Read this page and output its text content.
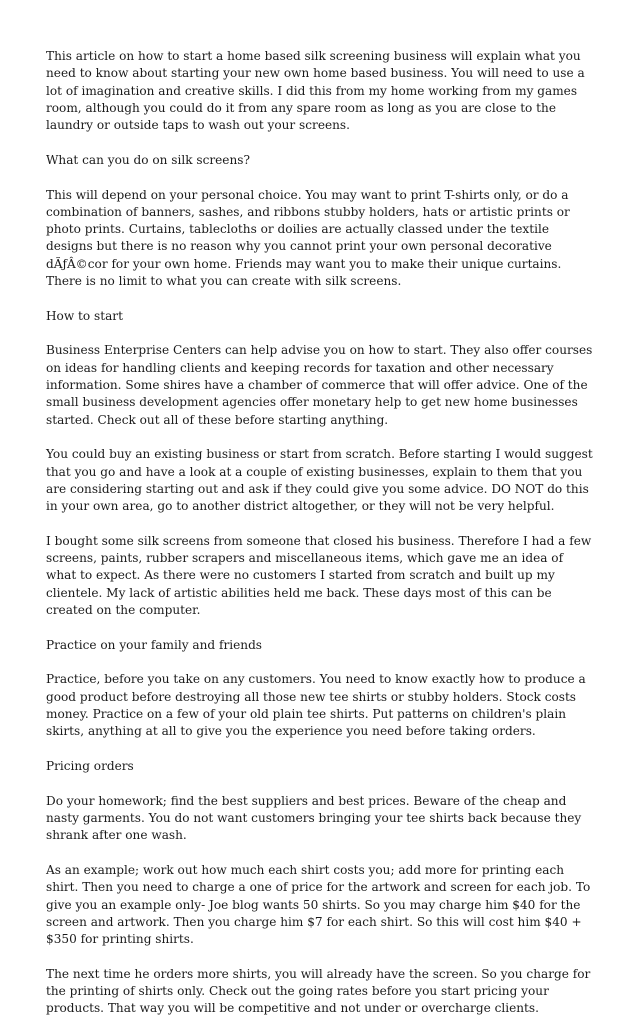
This article on how to start a home based silk screening business will explain what you need to know about starting your new own home based business. You will need to use a lot of imagination and creative skills. I did this from my home working from my games room, although you could do it from any spare room as long as you are close to the laundry or outside taps to wash out your screens.

What can you do on silk screens?

This will depend on your personal choice. You may want to print T-shirts only, or do a combination of banners, sashes, and ribbons stubby holders, hats or artistic prints or photo prints. Curtains, tablecloths or doilies are actually classed under the textile designs but there is no reason why you cannot print your own personal decorative dÃƒÂ©cor for your own home. Friends may want you to make their unique curtains. There is no limit to what you can create with silk screens.

How to start

Business Enterprise Centers can help advise you on how to start. They also offer courses on ideas for handling clients and keeping records for taxation and other necessary information. Some shires have a chamber of commerce that will offer advice. One of the small business development agencies offer monetary help to get new home businesses started. Check out all of these before starting anything.

You could buy an existing business or start from scratch. Before starting I would suggest that you go and have a look at a couple of existing businesses, explain to them that you are considering starting out and ask if they could give you some advice. DO NOT do this in your own area, go to another district altogether, or they will not be very helpful.

I bought some silk screens from someone that closed his business. Therefore I had a few screens, paints, rubber scrapers and miscellaneous items, which gave me an idea of what to expect. As there were no customers I started from scratch and built up my clientele. My lack of artistic abilities held me back. These days most of this can be created on the computer.

Practice on your family and friends

Practice, before you take on any customers. You need to know exactly how to produce a good product before destroying all those new tee shirts or stubby holders. Stock costs money. Practice on a few of your old plain tee shirts. Put patterns on children's plain skirts, anything at all to give you the experience you need before taking orders.

Pricing orders

Do your homework; find the best suppliers and best prices. Beware of the cheap and nasty garments. You do not want customers bringing your tee shirts back because they shrank after one wash.

As an example; work out how much each shirt costs you; add more for printing each shirt. Then you need to charge a one of price for the artwork and screen for each job. To give you an example only- Joe blog wants 50 shirts. So you may charge him $40 for the screen and artwork. Then you charge him $7 for each shirt. So this will cost him $40 + $350 for printing shirts.

The next time he orders more shirts, you will already have the screen. So you charge for the printing of shirts only. Check out the going rates before you start pricing your products. That way you will be competitive and not under or overcharge clients.
